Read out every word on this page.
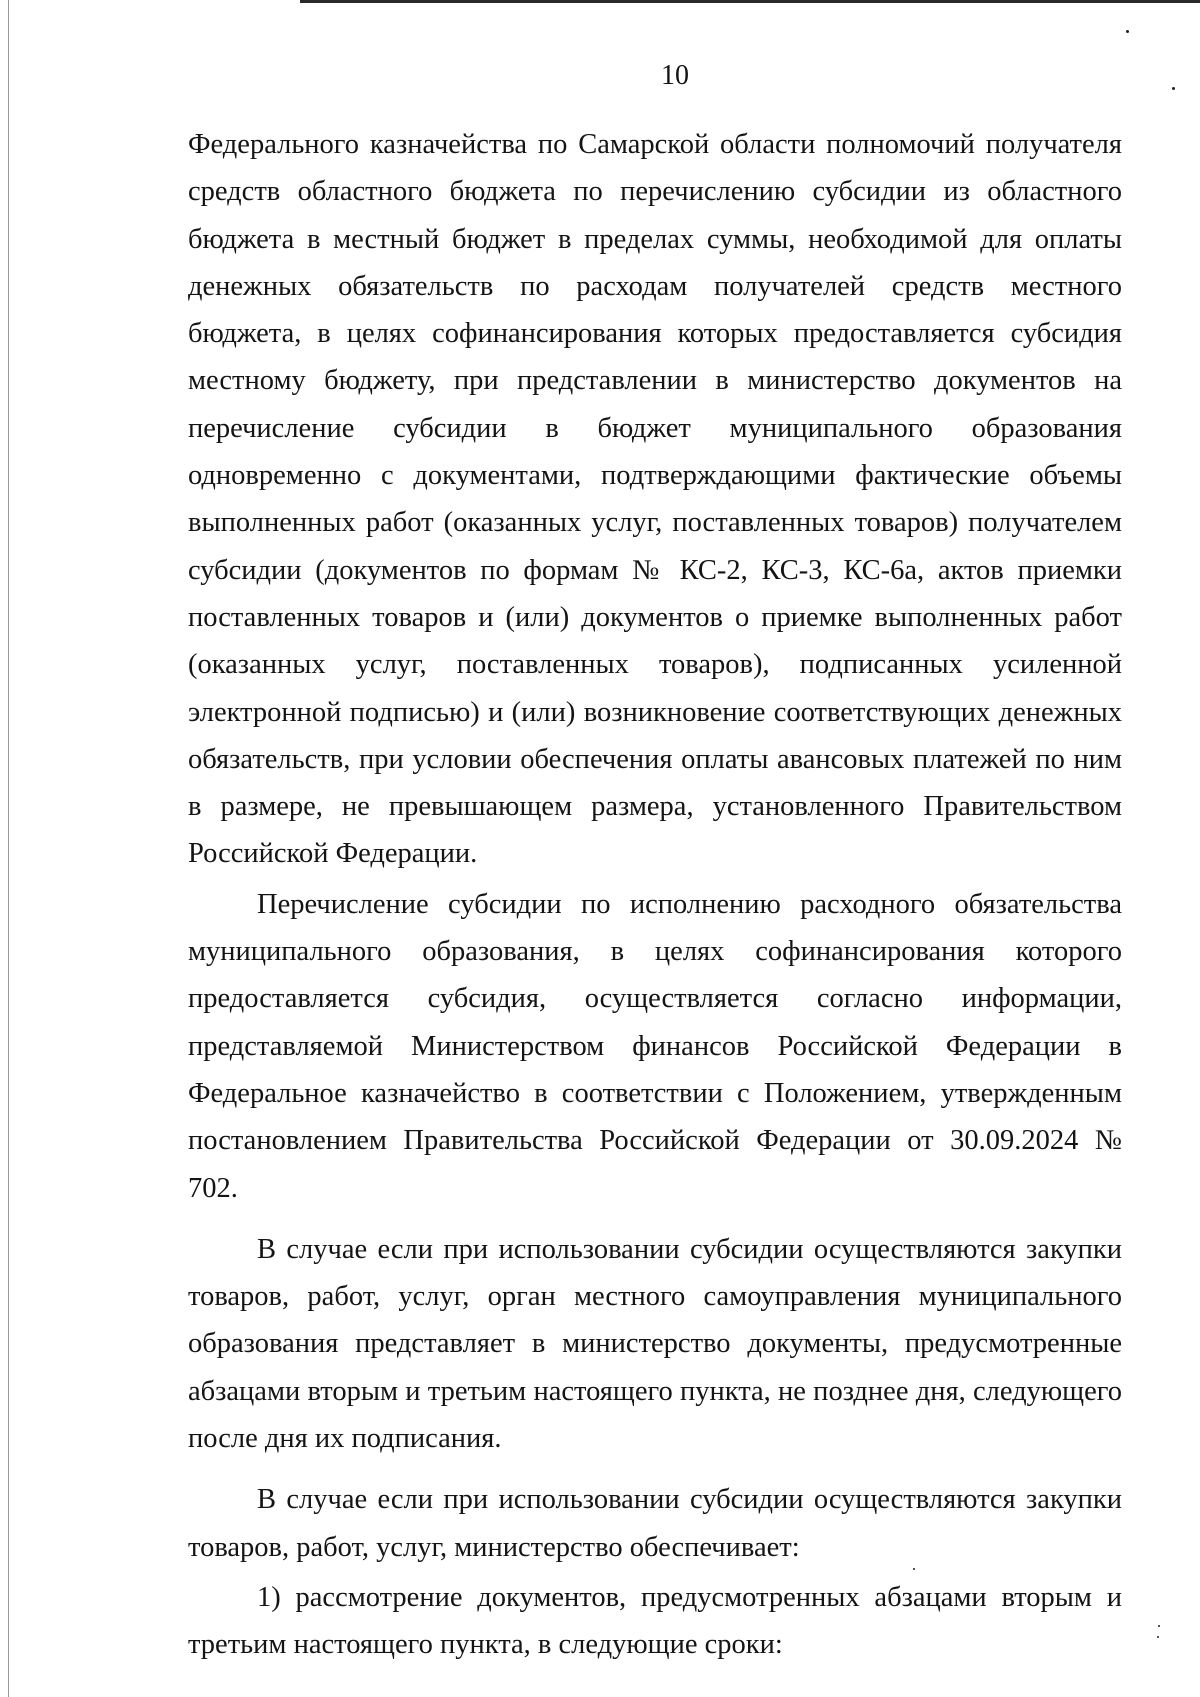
10

Федерального казначейства по Самарской области полномочий получателя средств областного бюджета по перечислению субсидии из областного бюджета в местный бюджет в пределах суммы, необходимой для оплаты денежных обязательств по расходам получателей средств местного бюджета, в целях софинансирования которых предоставляется субсидия местному бюджету, при представлении в министерство документов на перечисление субсидии в бюджет муниципального образования одновременно с документами, подтверждающими фактические объемы выполненных работ (оказанных услуг, поставленных товаров) получателем субсидии (документов по формам № КС-2, КС-3, КС-6а, актов приемки поставленных товаров и (или) документов о приемке выполненных работ (оказанных услуг, поставленных товаров), подписанных усиленной электронной подписью) и (или) возникновение соответствующих денежных обязательств, при условии обеспечения оплаты авансовых платежей по ним в размере, не превышающем размера, установленного Правительством Российской Федерации.

Перечисление субсидии по исполнению расходного обязательства муниципального образования, в целях софинансирования которого предоставляется субсидия, осуществляется согласно информации, представляемой Министерством финансов Российской Федерации в Федеральное казначейство в соответствии с Положением, утвержденным постановлением Правительства Российской Федерации от 30.09.2024 № 702.

В случае если при использовании субсидии осуществляются закупки товаров, работ, услуг, орган местного самоуправления муниципального образования представляет в министерство документы, предусмотренные абзацами вторым и третьим настоящего пункта, не позднее дня, следующего после дня их подписания.

В случае если при использовании субсидии осуществляются закупки товаров, работ, услуг, министерство обеспечивает:

1) рассмотрение документов, предусмотренных абзацами вторым и третьим настоящего пункта, в следующие сроки:
